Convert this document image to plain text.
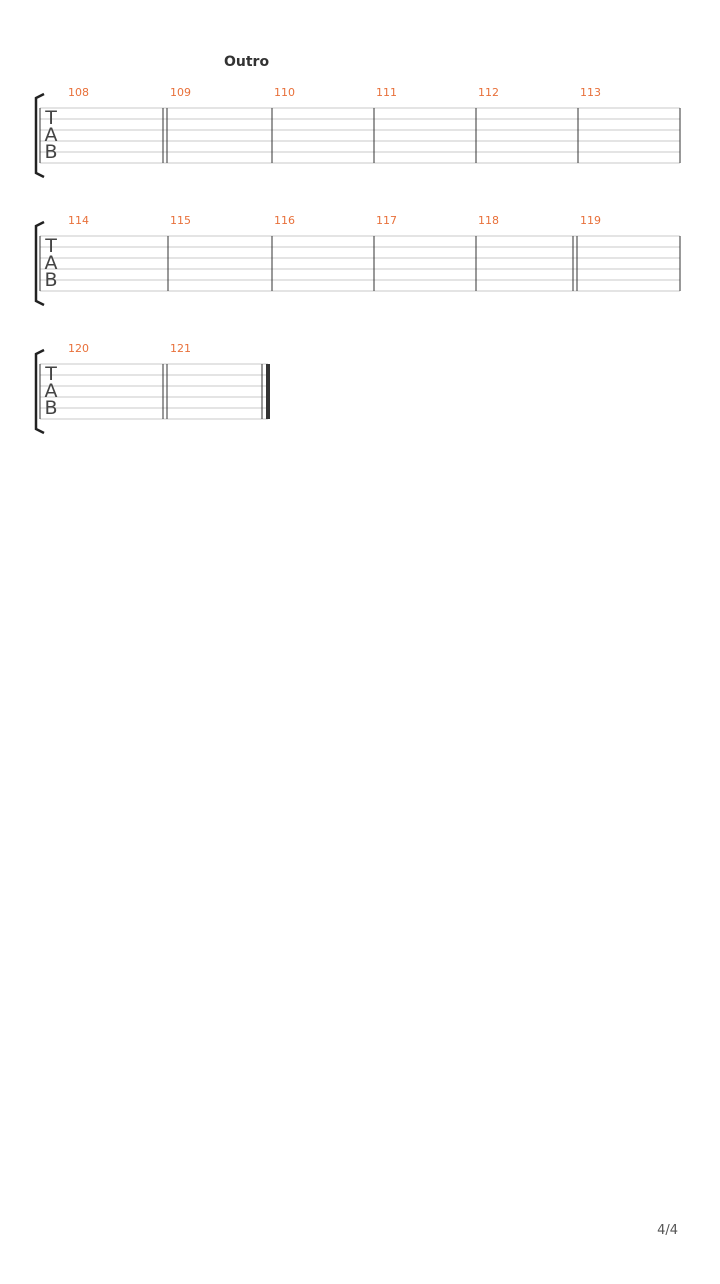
Outro
T
A
B
108	109	110	111	112	113
T
A
B
114	115	116	117	118	119
T
A
B
120	121
4/4
